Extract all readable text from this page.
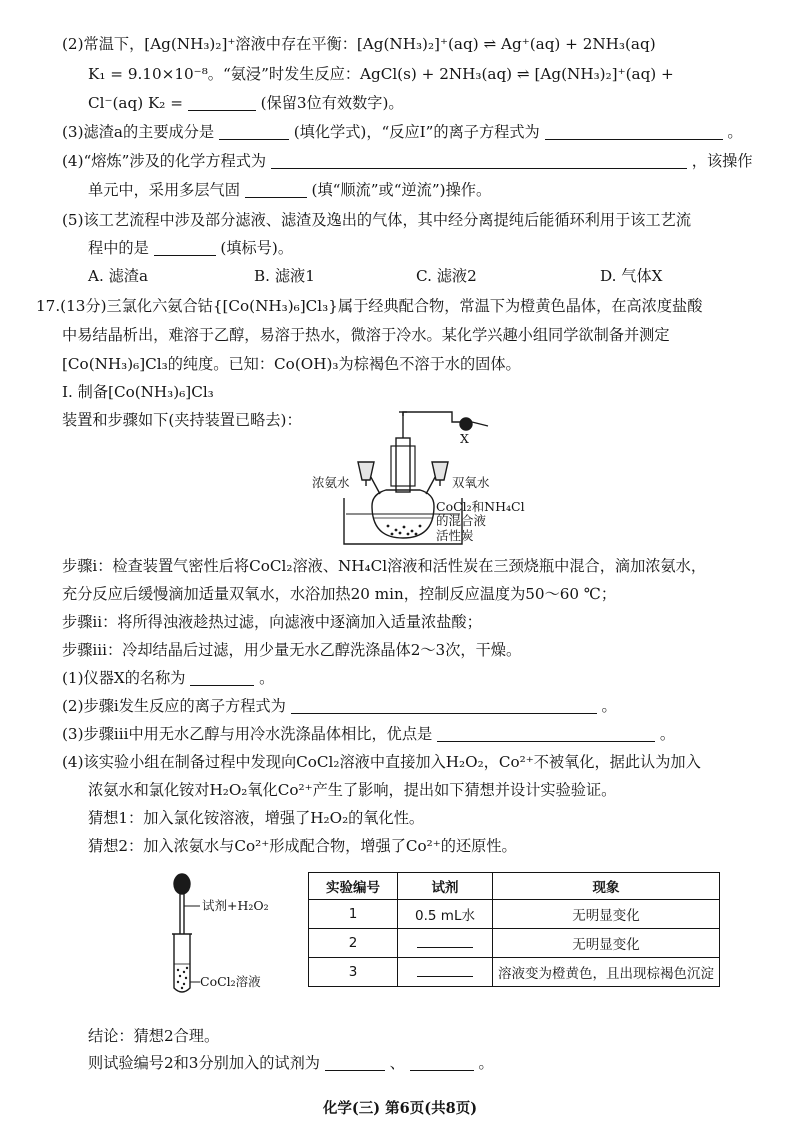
(2)常温下，[Ag(NH₃)₂]⁺溶液中存在平衡：[Ag(NH₃)₂]⁺(aq) ⇌ Ag⁺(aq) + 2NH₃(aq)
K₁ = 9.10×10⁻⁸。“氨浸”时发生反应：AgCl(s) + 2NH₃(aq) ⇌ [Ag(NH₃)₂]⁺(aq) +
Cl⁻(aq) K₂ =	(保留3位有效数字)。
(3)滤渣a的主要成分是	(填化学式)，“反应I”的离子方程式为	。
(4)“熔炼”涉及的化学方程式为	，该操作
单元中，采用多层气固	(填“顺流”或“逆流”)操作。
(5)该工艺流程中涉及部分滤液、滤渣及逸出的气体，其中经分离提纯后能循环利用于该工艺流
程中的是	(填标号)。
A. 滤渣a	B. 滤液1	C. 滤液2	D. 气体X
17.(13分)三氯化六氨合钴{[Co(NH₃)₆]Cl₃}属于经典配合物，常温下为橙黄色晶体，在高浓度盐酸
中易结晶析出，难溶于乙醇，易溶于热水，微溶于冷水。某化学兴趣小组同学欲制备并测定
[Co(NH₃)₆]Cl₃的纯度。已知：Co(OH)₃为棕褐色不溶于水的固体。
Ⅰ. 制备[Co(NH₃)₆]Cl₃
装置和步骤如下(夹持装置已略去)：
X
浓氨水	双氧水
CoCl₂和NH₄Cl
的混合液
活性炭
步骤i：检查装置气密性后将CoCl₂溶液、NH₄Cl溶液和活性炭在三颈烧瓶中混合，滴加浓氨水，
充分反应后缓慢滴加适量双氧水，水浴加热20 min，控制反应温度为50～60 ℃；
步骤ii：将所得浊液趁热过滤，向滤液中逐滴加入适量浓盐酸；
步骤iii：冷却结晶后过滤，用少量无水乙醇洗涤晶体2～3次，干燥。
(1)仪器X的名称为	。
(2)步骤i发生反应的离子方程式为	。
(3)步骤iii中用无水乙醇与用冷水洗涤晶体相比，优点是	。
(4)该实验小组在制备过程中发现向CoCl₂溶液中直接加入H₂O₂，Co²⁺不被氧化，据此认为加入
浓氨水和氯化铵对H₂O₂氧化Co²⁺产生了影响，提出如下猜想并设计实验验证。
猜想1：加入氯化铵溶液，增强了H₂O₂的氧化性。
猜想2：加入浓氨水与Co²⁺形成配合物，增强了Co²⁺的还原性。
试剂+H₂O₂
CoCl₂溶液
实验编号	试剂	现象
1	0.5 mL水	无明显变化
2		无明显变化
3		溶液变为橙黄色，且出现棕褐色沉淀
结论：猜想2合理。
则试验编号2和3分别加入的试剂为	、	。
化学(三) 第6页(共8页)
